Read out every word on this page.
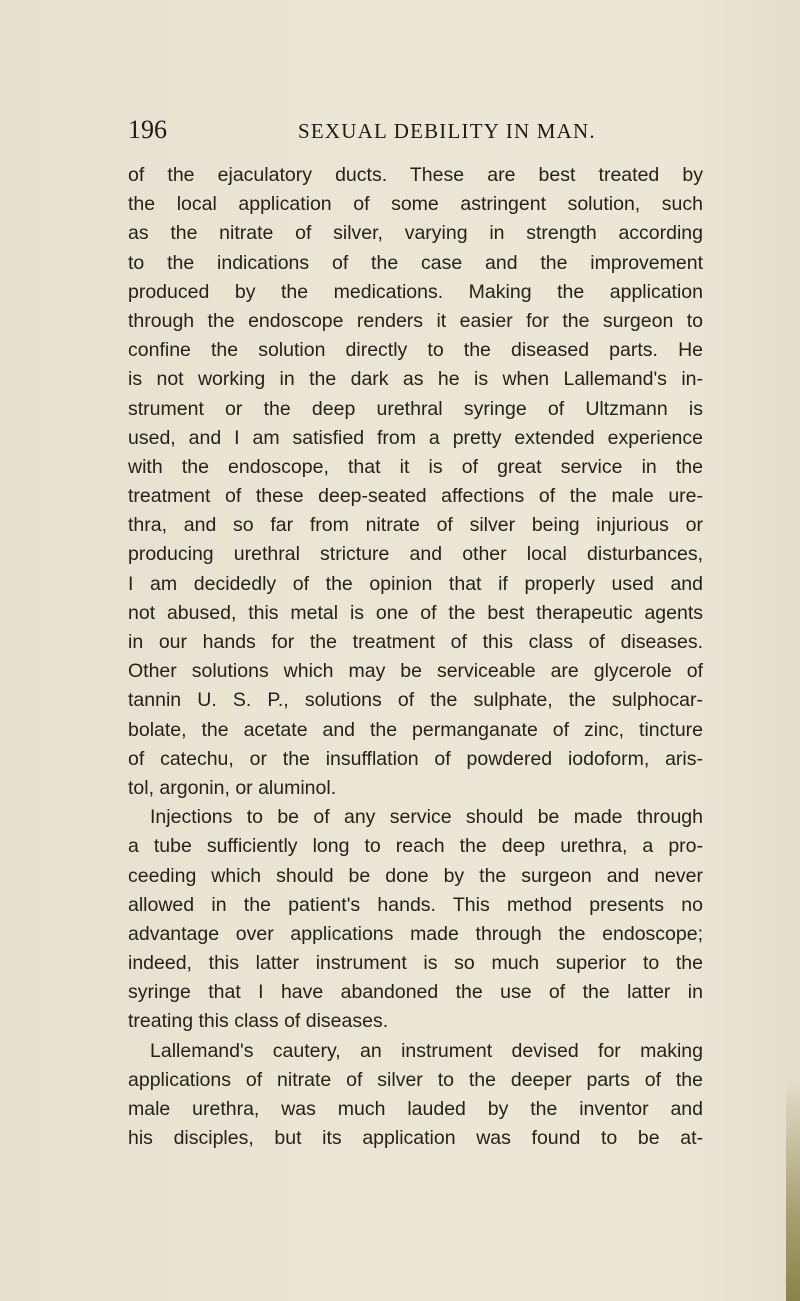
196	SEXUAL DEBILITY IN MAN.
of the ejaculatory ducts. These are best treated by
the local application of some astringent solution, such
as the nitrate of silver, varying in strength according
to the indications of the case and the improvement
produced by the medications. Making the application
through the endoscope renders it easier for the surgeon to
confine the solution directly to the diseased parts. He
is not working in the dark as he is when Lallemand's in-
strument or the deep urethral syringe of Ultzmann is
used, and I am satisfied from a pretty extended experience
with the endoscope, that it is of great service in the
treatment of these deep-seated affections of the male ure-
thra, and so far from nitrate of silver being injurious or
producing urethral stricture and other local disturbances,
I am decidedly of the opinion that if properly used and
not abused, this metal is one of the best therapeutic agents
in our hands for the treatment of this class of diseases.
Other solutions which may be serviceable are glycerole of
tannin U. S. P., solutions of the sulphate, the sulphocar-
bolate, the acetate and the permanganate of zinc, tincture
of catechu, or the insufflation of powdered iodoform, aris-
tol, argonin, or aluminol.
Injections to be of any service should be made through
a tube sufficiently long to reach the deep urethra, a pro-
ceeding which should be done by the surgeon and never
allowed in the patient's hands. This method presents no
advantage over applications made through the endoscope;
indeed, this latter instrument is so much superior to the
syringe that I have abandoned the use of the latter in
treating this class of diseases.
Lallemand's cautery, an instrument devised for making
applications of nitrate of silver to the deeper parts of the
male urethra, was much lauded by the inventor and
his disciples, but its application was found to be at-
